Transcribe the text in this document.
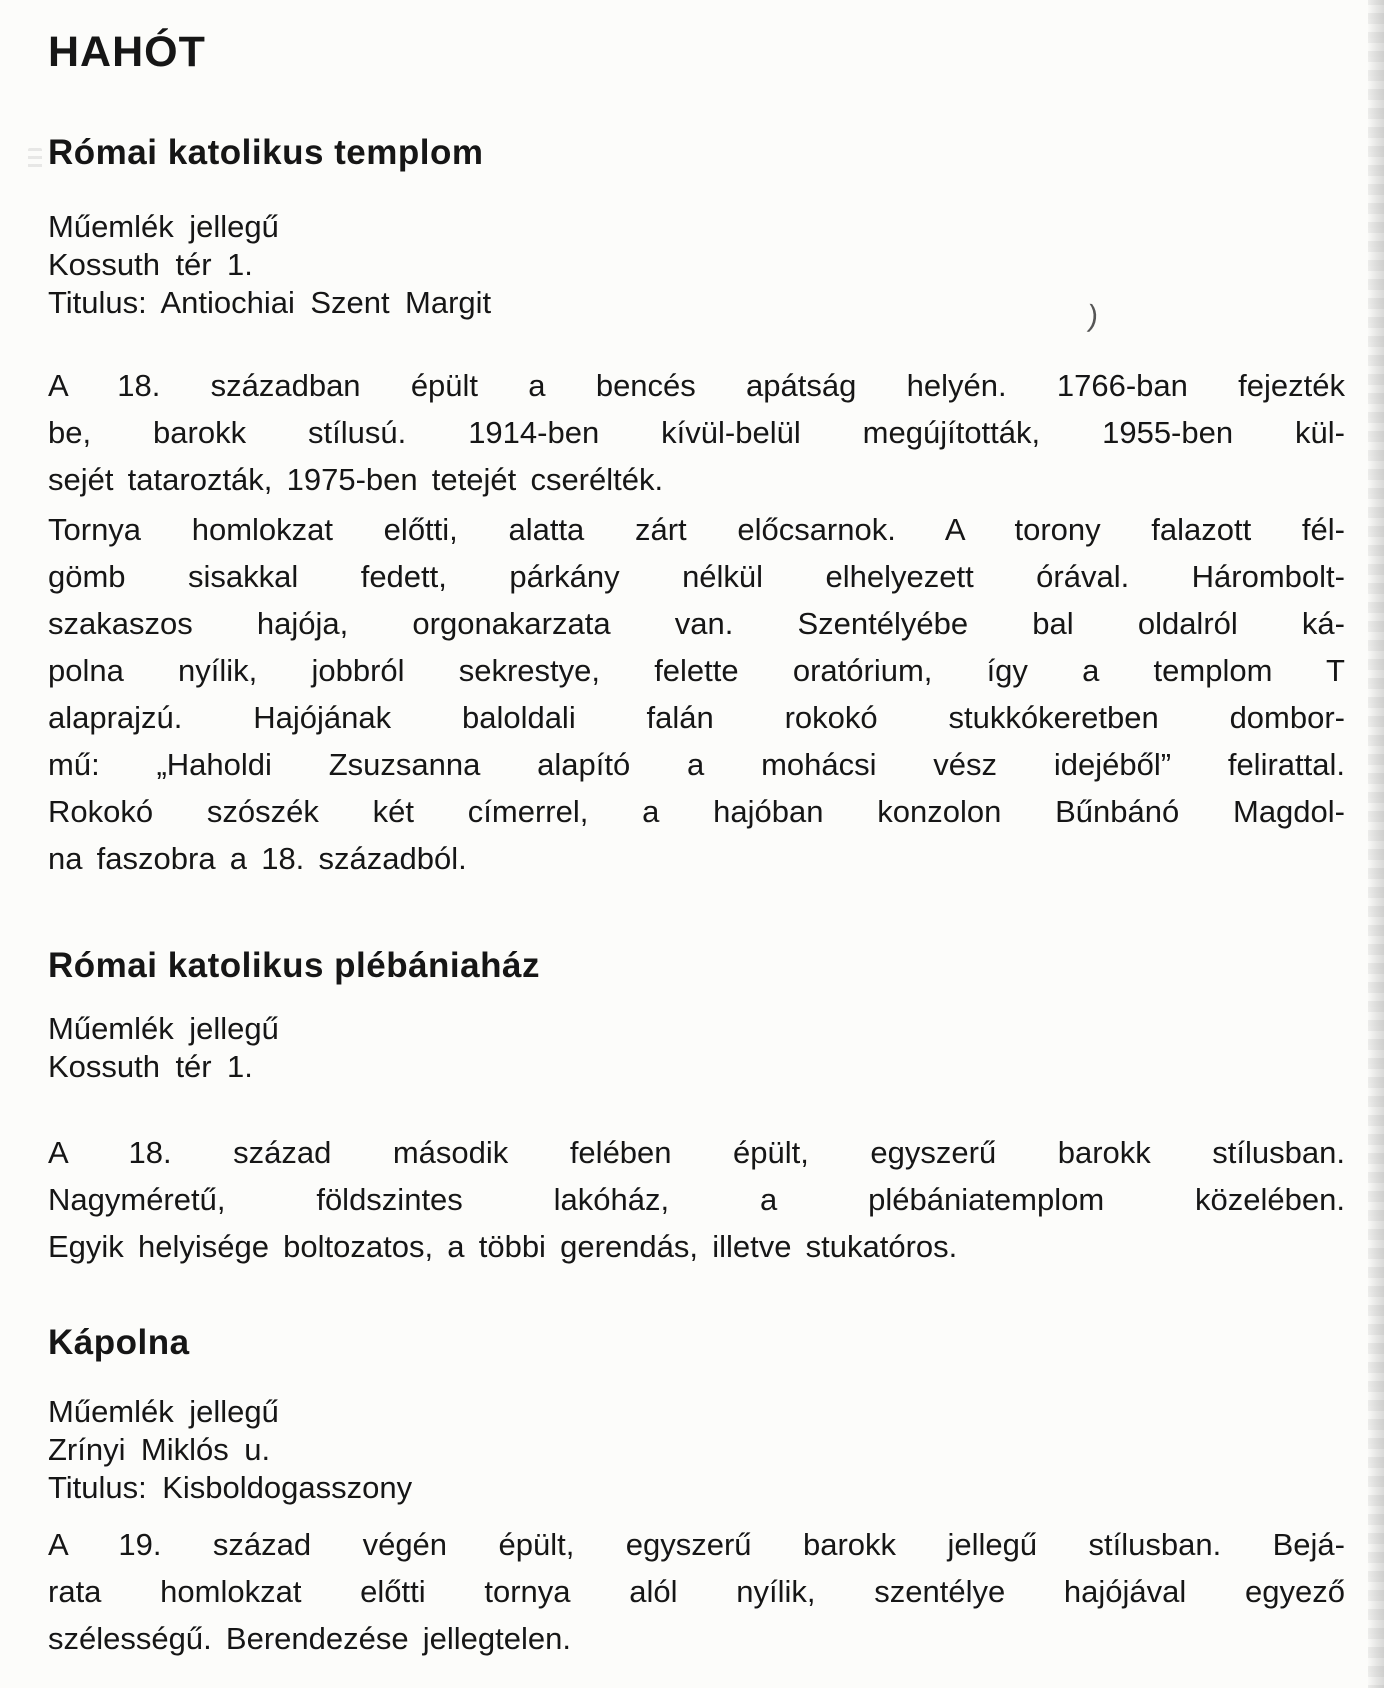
HAHÓT
Római katolikus templom
Műemlék jellegű
Kossuth tér 1.
Titulus: Antiochiai Szent Margit
A 18. században épült a bencés apátság helyén. 1766-ban fejezték
be, barokk stílusú. 1914-ben kívül-belül megújították, 1955-ben kül-
sejét tatarozták, 1975-ben tetejét cserélték.
Tornya homlokzat előtti, alatta zárt előcsarnok. A torony falazott fél-
gömb sisakkal fedett, párkány nélkül elhelyezett órával. Hárombolt-
szakaszos hajója, orgonakarzata van. Szentélyébe bal oldalról ká-
polna nyílik, jobbról sekrestye, felette oratórium, így a templom T
alaprajzú. Hajójának baloldali falán rokokó stukkókeretben dombor-
mű: „Haholdi Zsuzsanna alapító a mohácsi vész idejéből” felirattal.
Rokokó szószék két címerrel, a hajóban konzolon Bűnbánó Magdol-
na faszobra a 18. századból.
Római katolikus plébániaház
Műemlék jellegű
Kossuth tér 1.
A 18. század második felében épült, egyszerű barokk stílusban.
Nagyméretű, földszintes lakóház, a plébániatemplom közelében.
Egyik helyisége boltozatos, a többi gerendás, illetve stukatóros.
Kápolna
Műemlék jellegű
Zrínyi Miklós u.
Titulus: Kisboldogasszony
A 19. század végén épült, egyszerű barokk jellegű stílusban. Bejá-
rata homlokzat előtti tornya alól nyílik, szentélye hajójával egyező
szélességű. Berendezése jellegtelen.
)
